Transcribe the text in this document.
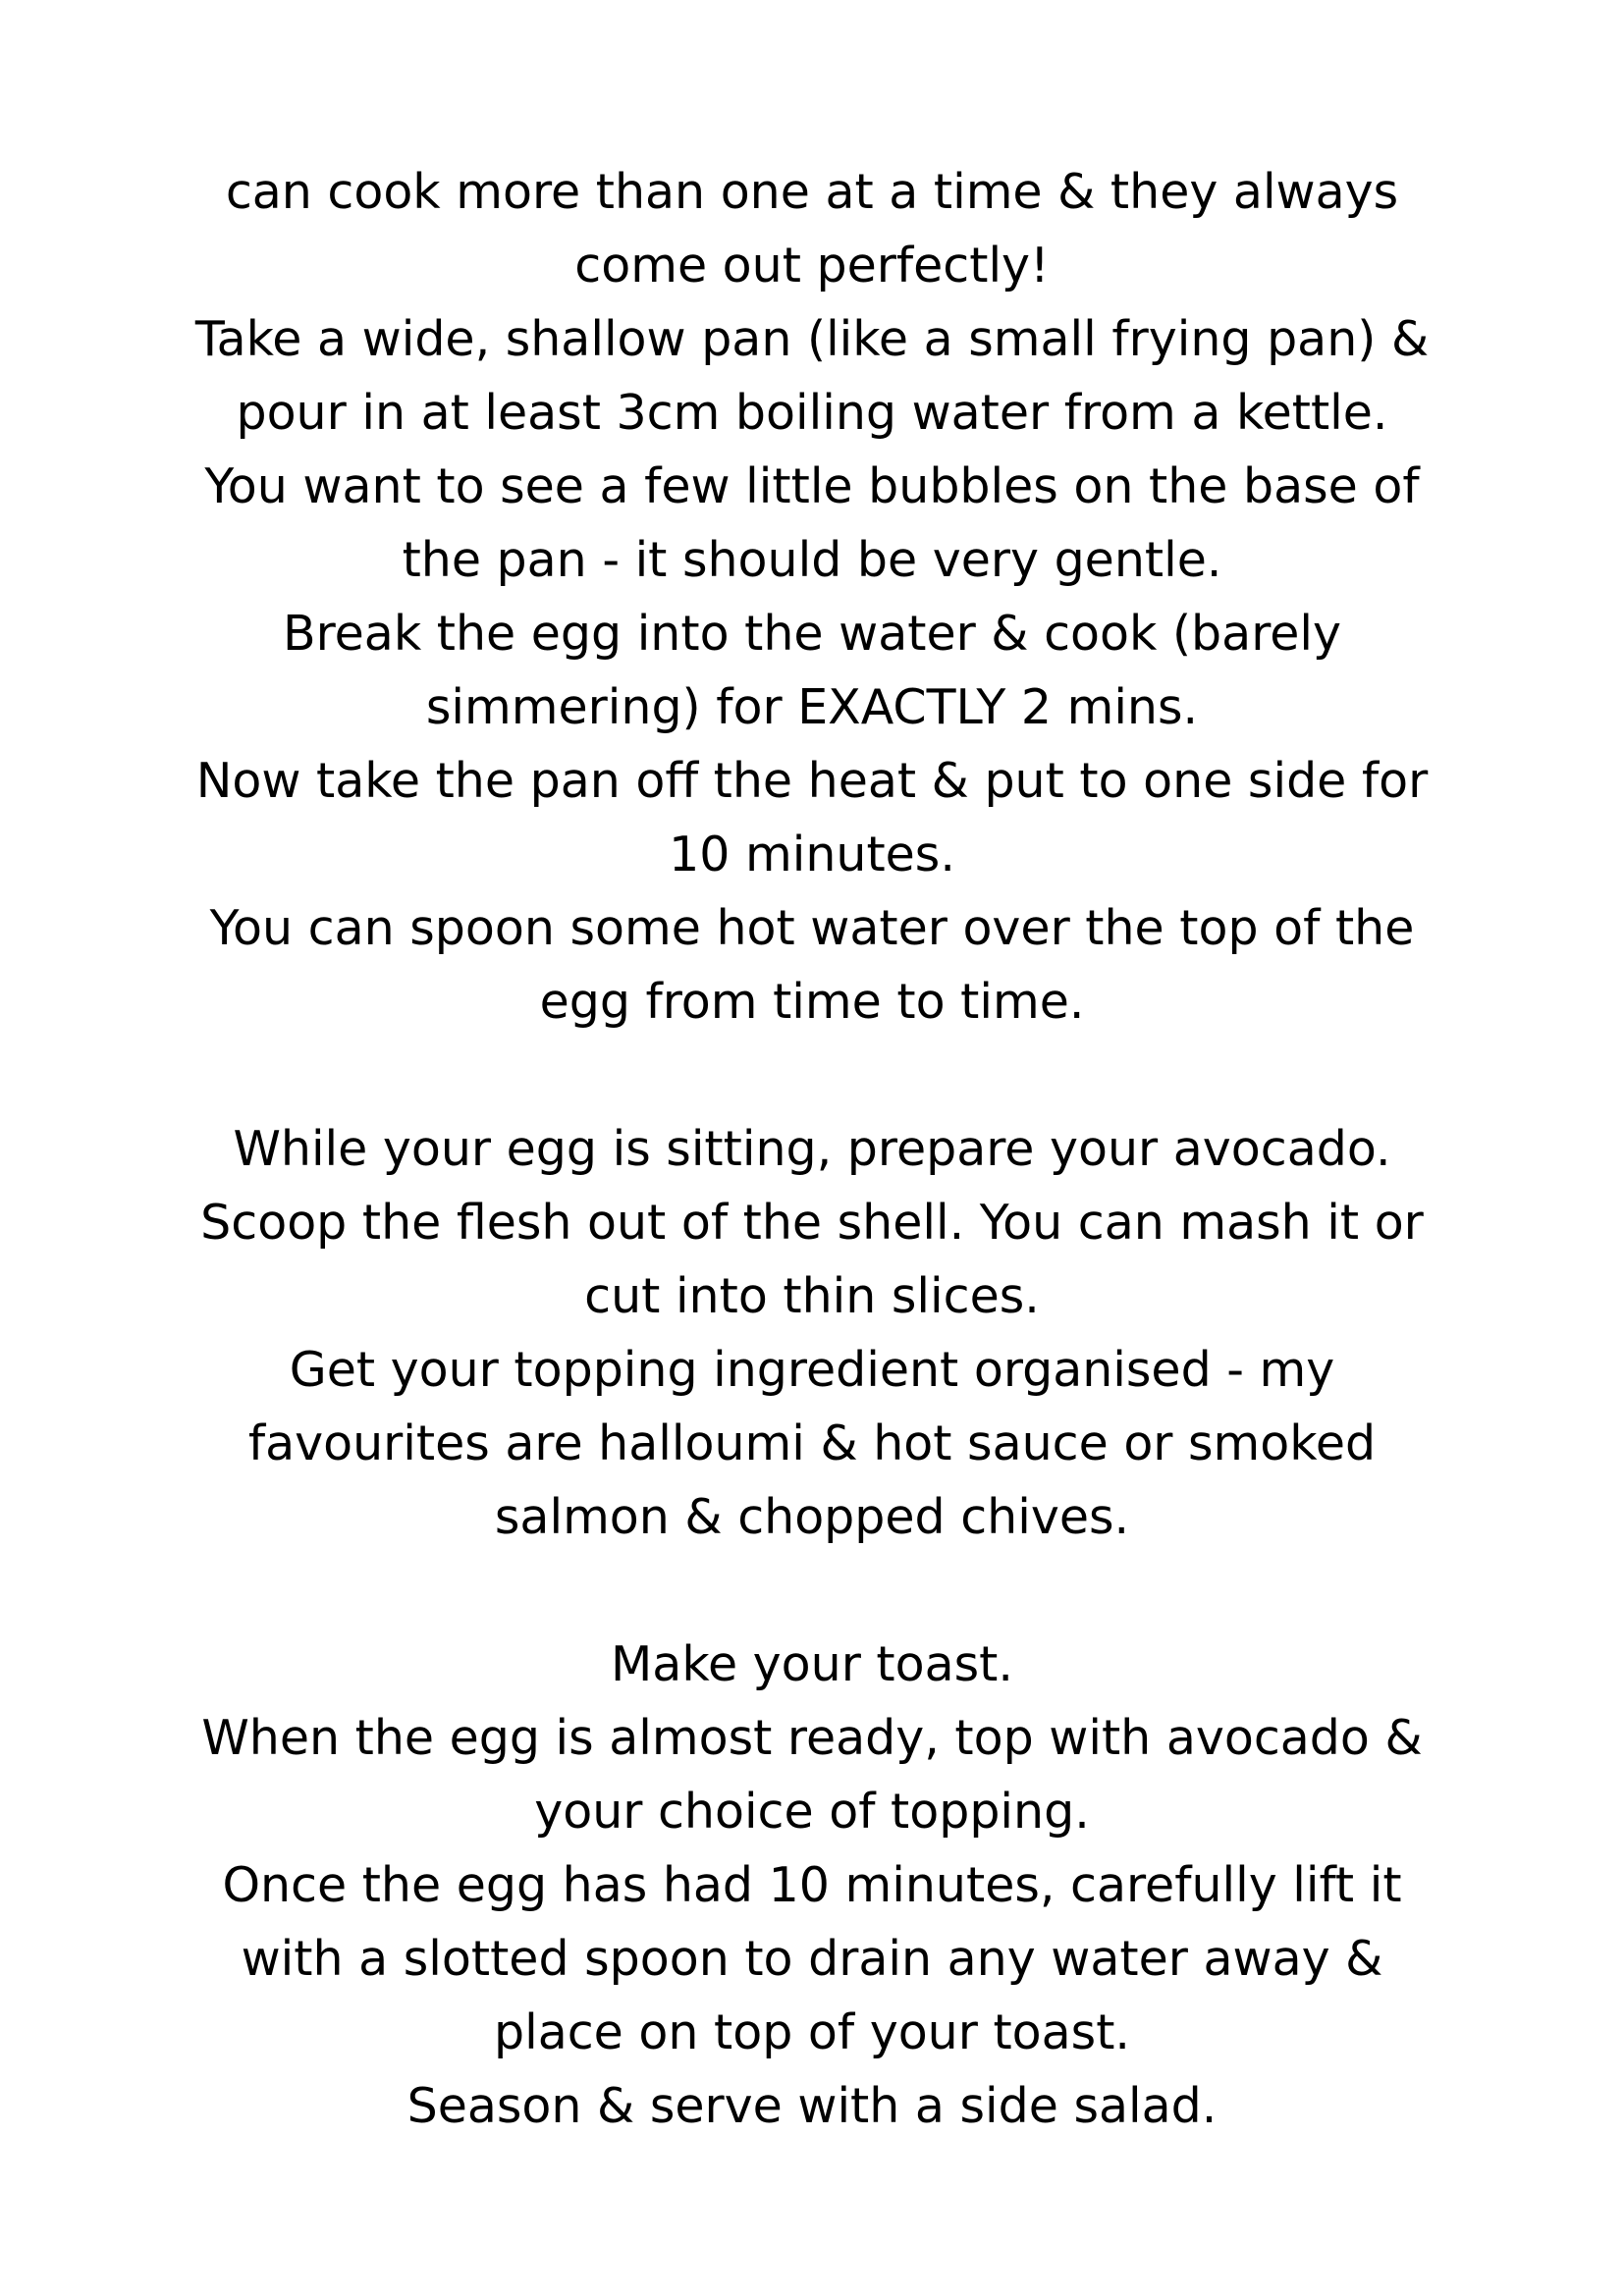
can cook more than one at a time & they always
come out perfectly!
Take a wide, shallow pan (like a small frying pan) &
pour in at least 3cm boiling water from a kettle.
You want to see a few little bubbles on the base of
the pan - it should be very gentle.
Break the egg into the water & cook (barely
simmering) for EXACTLY 2 mins.
Now take the pan off the heat & put to one side for
10 minutes.
You can spoon some hot water over the top of the
egg from time to time.
While your egg is sitting, prepare your avocado.
Scoop the flesh out of the shell. You can mash it or
cut into thin slices.
Get your topping ingredient organised - my
favourites are halloumi & hot sauce or smoked
salmon & chopped chives.
Make your toast.
When the egg is almost ready, top with avocado &
your choice of topping.
Once the egg has had 10 minutes, carefully lift it
with a slotted spoon to drain any water away &
place on top of your toast.
Season & serve with a side salad.
